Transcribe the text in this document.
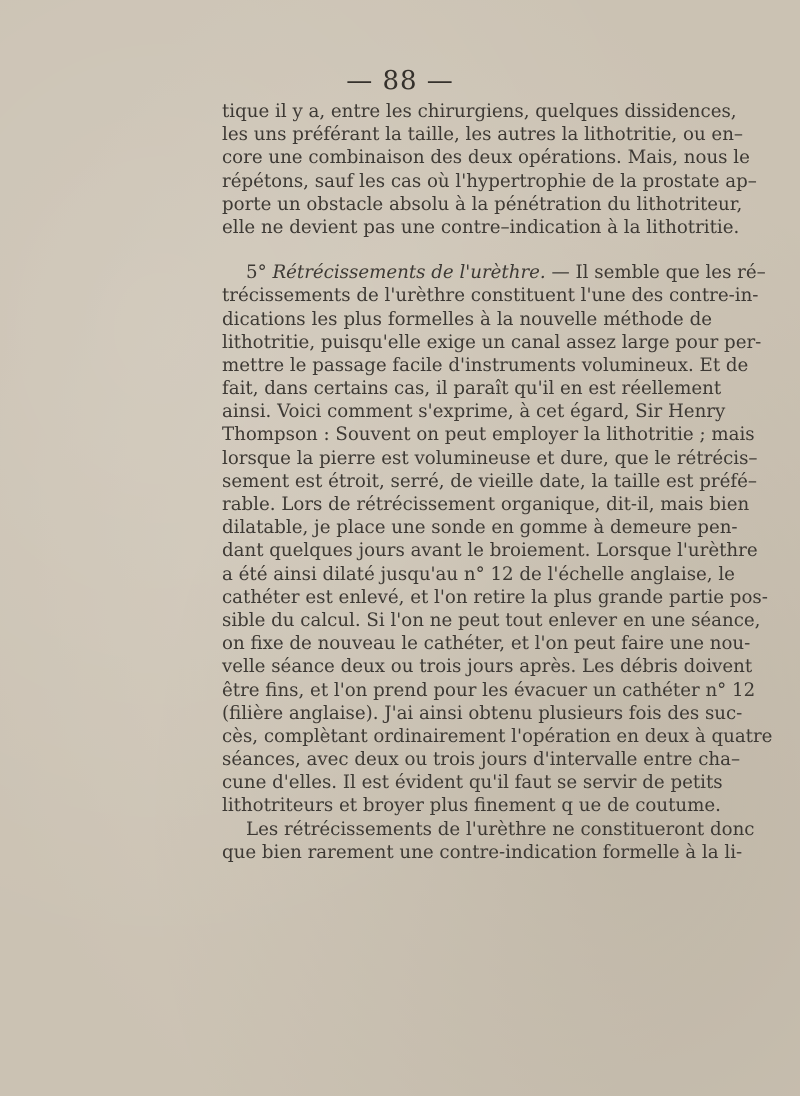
— 88 —
tique il y a, entre les chirurgiens, quelques dissidences,
les uns préférant la taille, les autres la lithotritie, ou en–
core une combinaison des deux opérations. Mais, nous le
répétons, sauf les cas où l'hypertrophie de la prostate ap–
porte un obstacle absolu à la pénétration du lithotriteur,
elle ne devient pas une contre–indication à la lithotritie.
5° Rétrécissements de l'urèthre. — Il semble que les ré–
trécissements de l'urèthre constituent l'une des contre-in-
dications les plus formelles à la nouvelle méthode de
lithotritie, puisqu'elle exige un canal assez large pour per-
mettre le passage facile d'instruments volumineux. Et de
fait, dans certains cas, il paraît qu'il en est réellement
ainsi. Voici comment s'exprime, à cet égard, Sir Henry
Thompson : Souvent on peut employer la lithotritie ; mais
lorsque la pierre est volumineuse et dure, que le rétrécis–
sement est étroit, serré, de vieille date, la taille est préfé–
rable. Lors de rétrécissement organique, dit-il, mais bien
dilatable, je place une sonde en gomme à demeure pen-
dant quelques jours avant le broiement. Lorsque l'urèthre
a été ainsi dilaté jusqu'au n° 12 de l'échelle anglaise, le
cathéter est enlevé, et l'on retire la plus grande partie pos-
sible du calcul. Si l'on ne peut tout enlever en une séance,
on fixe de nouveau le cathéter, et l'on peut faire une nou-
velle séance deux ou trois jours après. Les débris doivent
être fins, et l'on prend pour les évacuer un cathéter n° 12
(filière anglaise). J'ai ainsi obtenu plusieurs fois des suc-
cès, complètant ordinairement l'opération en deux à quatre
séances, avec deux ou trois jours d'intervalle entre cha–
cune d'elles. Il est évident qu'il faut se servir de petits
lithotriteurs et broyer plus finement q ue de coutume.
Les rétrécissements de l'urèthre ne constitueront donc
que bien rarement une contre-indication formelle à la li-
